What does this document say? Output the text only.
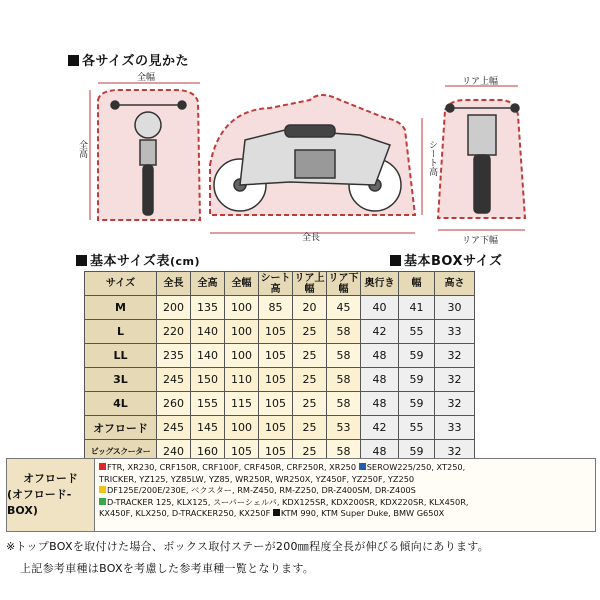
各サイズの見かた
全幅
全高
全長
シート高
リア上幅
リア下幅
基本サイズ表(cm)	基本BOXサイズ
サイズ	全長	全高	全幅	シート高	リア上幅	リア下幅	奥行き	幅	高さ
M	200	135	100	85	20	45	40	41	30
L	220	140	100	105	25	58	42	55	33
LL	235	140	100	105	25	58	48	59	32
3L	245	150	110	105	25	58	48	59	32
4L	260	155	115	105	25	58	48	59	32
オフロード	245	145	100	105	25	53	42	55	33
ビッグスクーター	240	160	105	105	25	58	48	59	32
オフロード
(オフロード-BOX)
FTR, XR230, CRF150R, CRF100F, CRF450R, CRF250R, XR250 SEROW225/250, XT250,
TRICKER, YZ125, YZ85LW, YZ85, WR250R, WR250X, YZ450F, YZ250F, YZ250
DF125E/200E/230E, ベクスター, RM-Z450, RM-Z250, DR-Z400SM, DR-Z400S
D-TRACKER 125, KLX125, スーパーシェルパ, KDX125SR, KDX200SR, KDX220SR, KLX450R,
KX450F, KLX250, D-TRACKER250, KX250F KTM 990, KTM Super Duke, BMW G650X
※トップBOXを取付けた場合、ボックス取付ステーが200㎜程度全長が伸びる傾向にあります。
上記参考車種はBOXを考慮した参考車種一覧となります。
